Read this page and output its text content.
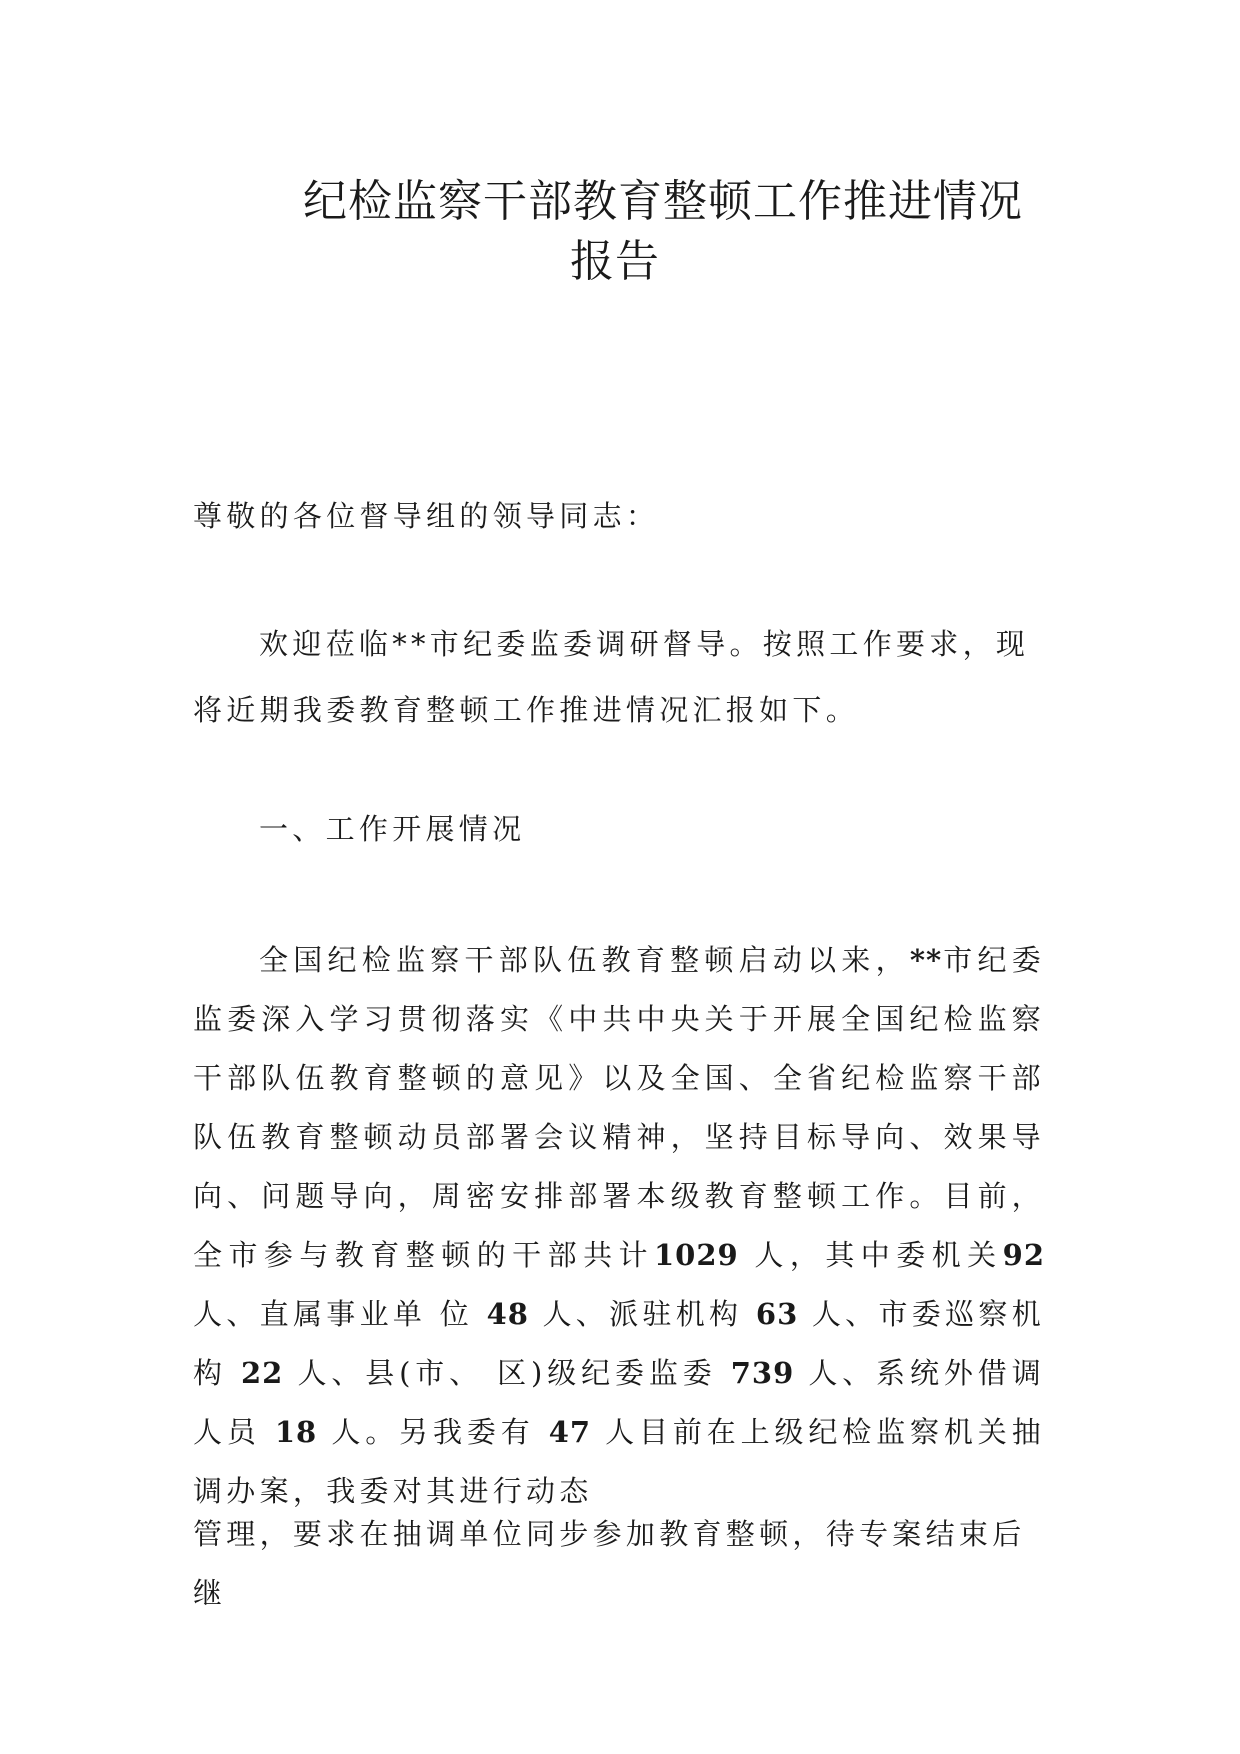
纪检监察干部教育整顿工作推进情况
报告
尊敬的各位督导组的领导同志：
欢迎莅临**市纪委监委调研督导。按照工作要求，现将近期我委教育整顿工作推进情况汇报如下。
一、工作开展情况
全国纪检监察干部队伍教育整顿启动以来，**市纪委监委深入学习贯彻落实《中共中央关于开展全国纪检监察干部队伍教育整顿的意见》以及全国、全省纪检监察干部队伍教育整顿动员部署会议精神，坚持目标导向、效果导向、问题导向，周密安排部署本级教育整顿工作。目前，全市参与教育整顿的干部共计1029 人，其中委机关92 人、直属事业单 位 48 人、派驻机构 63 人、市委巡察机构 22 人、县(市、 区)级纪委监委 739 人、系统外借调人员 18 人。另我委有 47 人目前在上级纪检监察机关抽调办案，我委对其进行动态
管理，要求在抽调单位同步参加教育整顿，待专案结束后继
